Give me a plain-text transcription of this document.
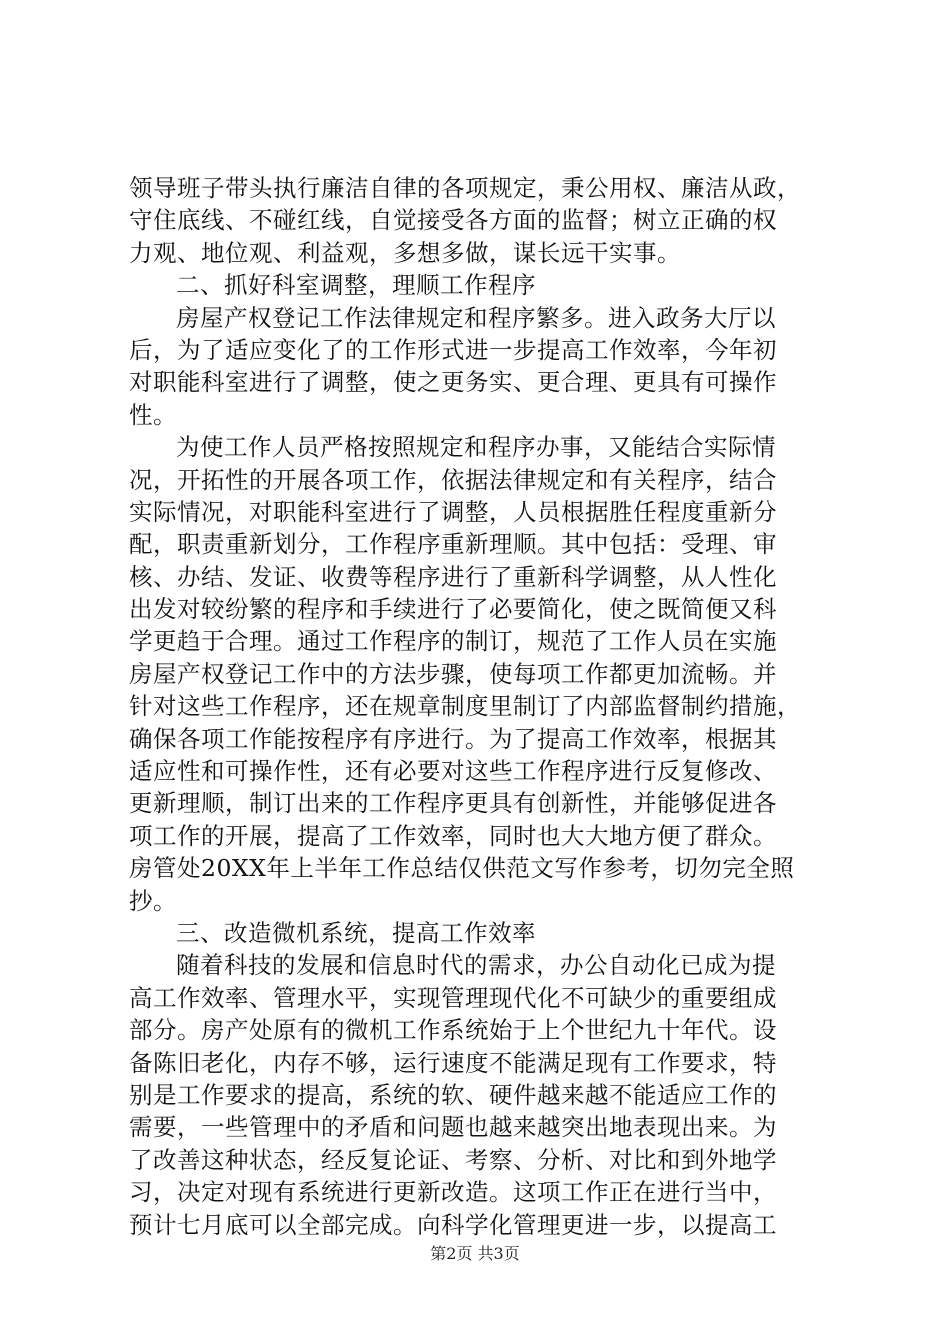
领导班子带头执行廉洁自律的各项规定，秉公用权、廉洁从政，
守住底线、不碰红线，自觉接受各方面的监督；树立正确的权
力观、地位观、利益观，多想多做，谋长远干实事。
二、抓好科室调整，理顺工作程序
房屋产权登记工作法律规定和程序繁多。进入政务大厅以
后，为了适应变化了的工作形式进一步提高工作效率，今年初
对职能科室进行了调整，使之更务实、更合理、更具有可操作
性。
为使工作人员严格按照规定和程序办事，又能结合实际情
况，开拓性的开展各项工作，依据法律规定和有关程序，结合
实际情况，对职能科室进行了调整，人员根据胜任程度重新分
配，职责重新划分，工作程序重新理顺。其中包括：受理、审
核、办结、发证、收费等程序进行了重新科学调整，从人性化
出发对较纷繁的程序和手续进行了必要简化，使之既简便又科
学更趋于合理。通过工作程序的制订，规范了工作人员在实施
房屋产权登记工作中的方法步骤，使每项工作都更加流畅。并
针对这些工作程序，还在规章制度里制订了内部监督制约措施，
确保各项工作能按程序有序进行。为了提高工作效率，根据其
适应性和可操作性，还有必要对这些工作程序进行反复修改、
更新理顺，制订出来的工作程序更具有创新性，并能够促进各
项工作的开展，提高了工作效率，同时也大大地方便了群众。
房管处20XX年上半年工作总结仅供范文写作参考，切勿完全照
抄。
三、改造微机系统，提高工作效率
随着科技的发展和信息时代的需求，办公自动化已成为提
高工作效率、管理水平，实现管理现代化不可缺少的重要组成
部分。房产处原有的微机工作系统始于上个世纪九十年代。设
备陈旧老化，内存不够，运行速度不能满足现有工作要求，特
别是工作要求的提高，系统的软、硬件越来越不能适应工作的
需要，一些管理中的矛盾和问题也越来越突出地表现出来。为
了改善这种状态，经反复论证、考察、分析、对比和到外地学
习，决定对现有系统进行更新改造。这项工作正在进行当中，
预计七月底可以全部完成。向科学化管理更进一步，以提高工
第2页 共3页
